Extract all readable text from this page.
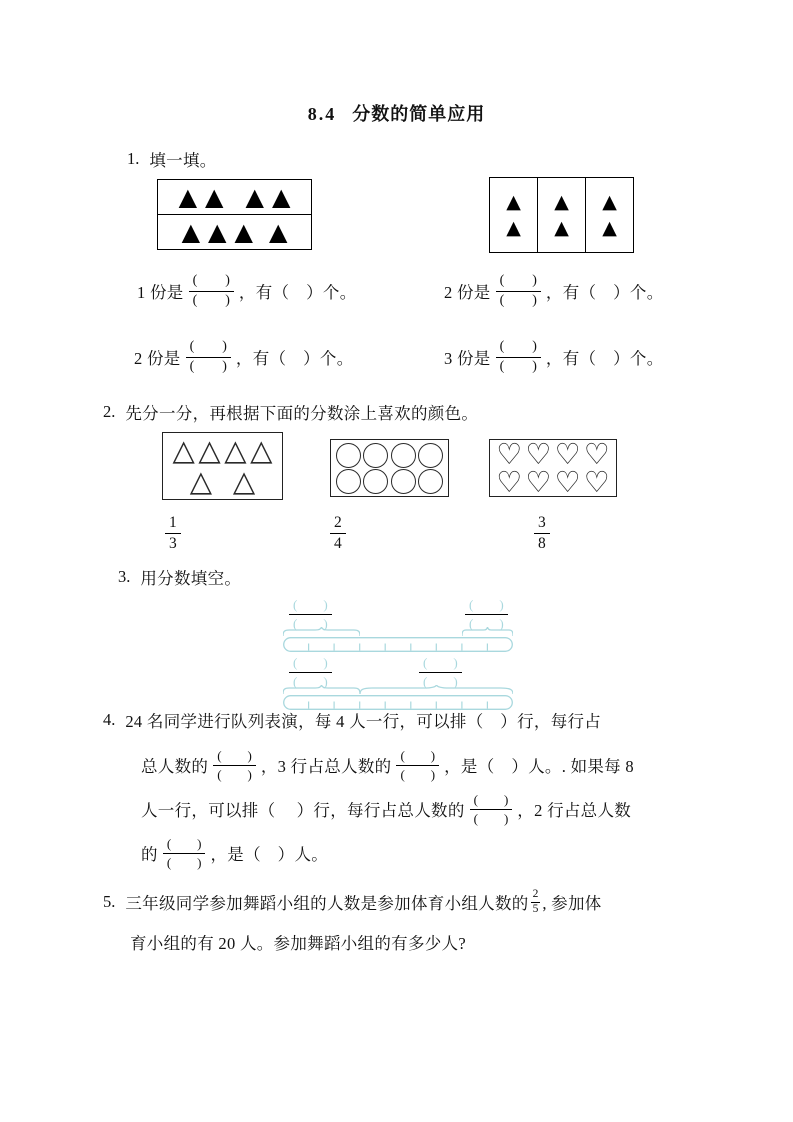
8.4 分数的简单应用
1. 填一填。
▲ ▲ ▲ ▲
▲ ▲ ▲ ▲
▲
▲
▲
▲
▲
▲
1 份是
(  )
(  ) ，有（　）个。
2 份是
(  )
(  ) ，有（　）个。
2 份是
(  )
(  ) ，有（　）个。
3 份是
(  )
(  ) ，有（　）个。
2. 先分一分，再根据下面的分数涂上喜欢的颜色。
△ △ △ △
△ △
♡ ♡ ♡ ♡
♡ ♡ ♡ ♡
$\frac{1}{3}$	$\frac{2}{4}$	$\frac{3}{8}$
3. 用分数填空。
(  )
(  )
(  )
(  )
(  )
(  )
(  )
(  )
4. 24 名同学进行队列表演，每 4 人一行，可以排（　）行，每行占
总人数的
(  )
(  ) ，3 行占总人数的
(  )
(  ) ，是（　）人。. 如果每 8
人一行，可以排（　 ）行，每行占总人数的
(  )
(  ) ，2 行占总人数
的
(  )
(  ) ，是（　）人。
5. 三年级同学参加舞蹈小组的人数是参加体育小组人数的 $\frac{2}{5}$ , 参加体
育小组的有 20 人。参加舞蹈小组的有多少人?
